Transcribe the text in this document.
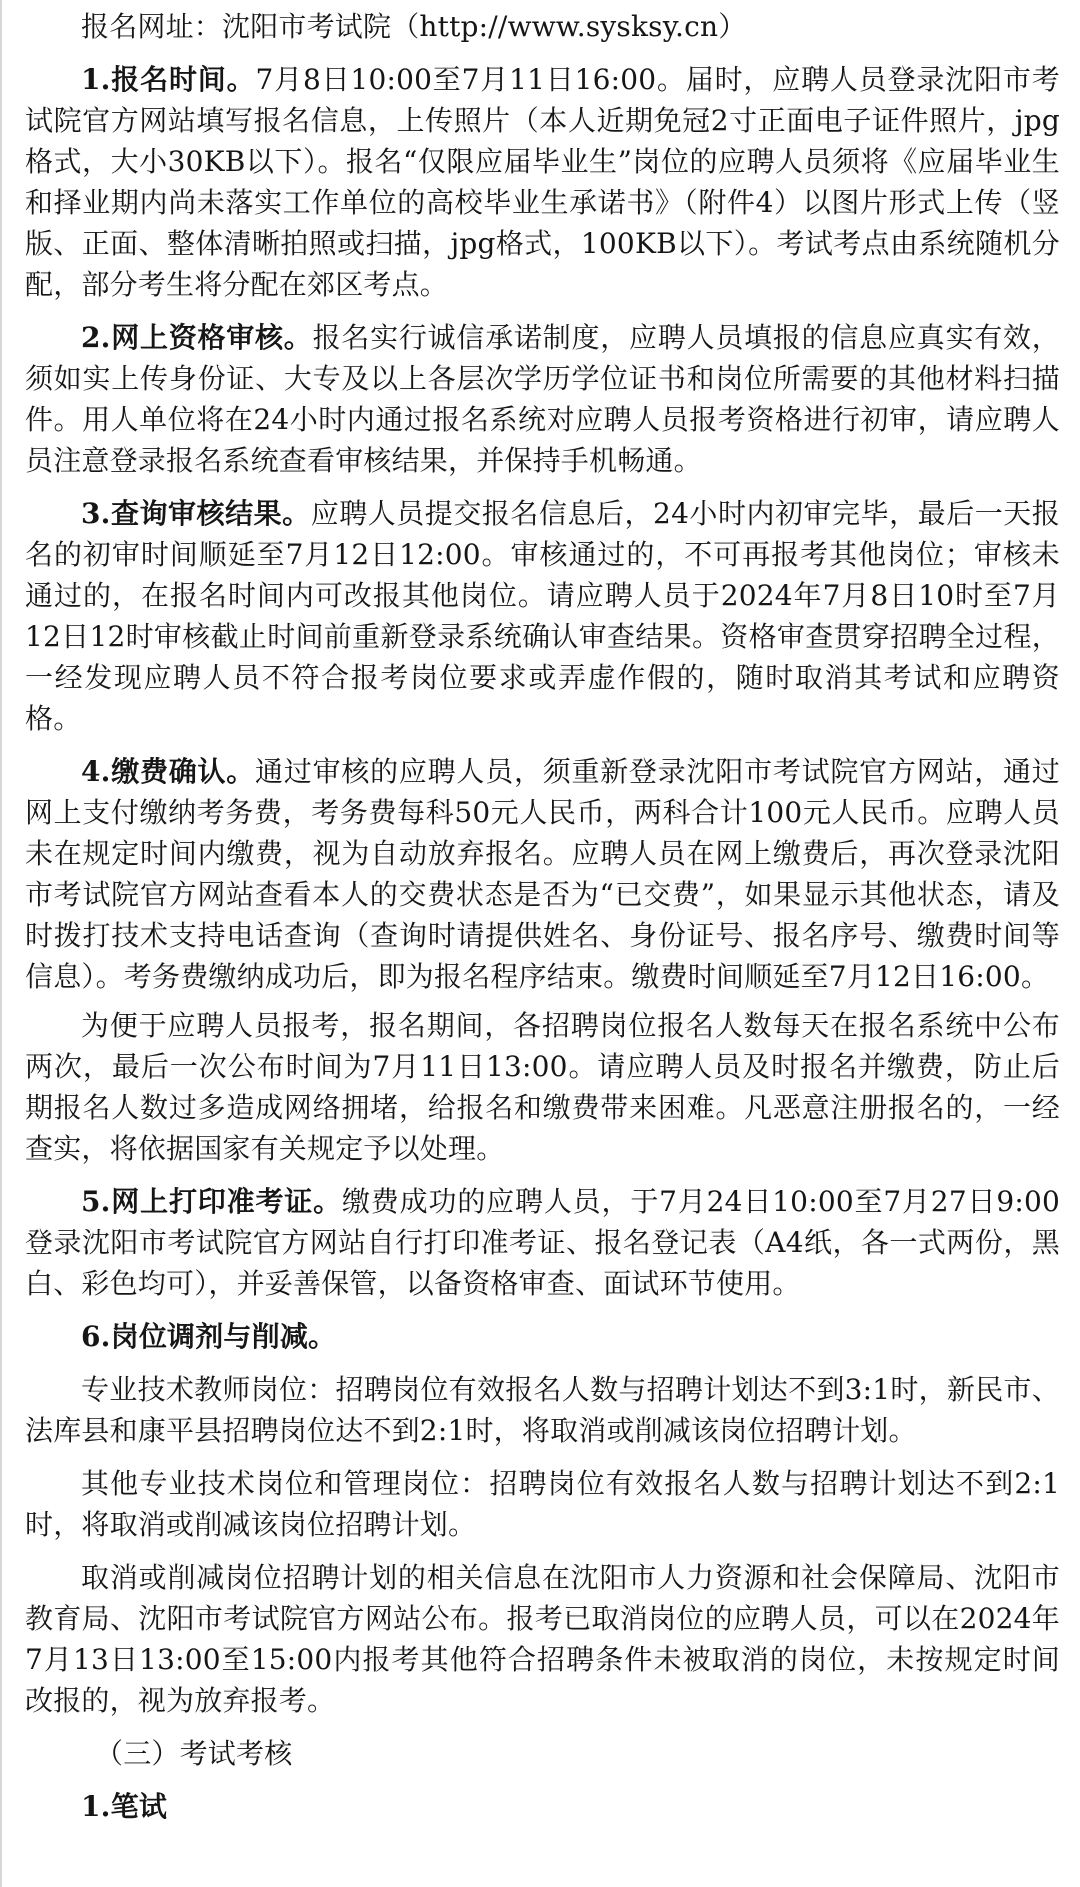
报名网址：沈阳市考试院（http://www.sysksy.cn）

1.报名时间。7月8日10:00至7月11日16:00。届时，应聘人员登录沈阳市考试院官方网站填写报名信息，上传照片（本人近期免冠2寸正面电子证件照片，jpg格式，大小30KB以下）。报名“仅限应届毕业生”岗位的应聘人员须将《应届毕业生和择业期内尚未落实工作单位的高校毕业生承诺书》（附件4）以图片形式上传（竖版、正面、整体清晰拍照或扫描，jpg格式，100KB以下）。考试考点由系统随机分配，部分考生将分配在郊区考点。

2.网上资格审核。报名实行诚信承诺制度，应聘人员填报的信息应真实有效，须如实上传身份证、大专及以上各层次学历学位证书和岗位所需要的其他材料扫描件。用人单位将在24小时内通过报名系统对应聘人员报考资格进行初审，请应聘人员注意登录报名系统查看审核结果，并保持手机畅通。

3.查询审核结果。应聘人员提交报名信息后，24小时内初审完毕，最后一天报名的初审时间顺延至7月12日12:00。审核通过的，不可再报考其他岗位；审核未通过的，在报名时间内可改报其他岗位。请应聘人员于2024年7月8日10时至7月12日12时审核截止时间前重新登录系统确认审查结果。资格审查贯穿招聘全过程，一经发现应聘人员不符合报考岗位要求或弄虚作假的，随时取消其考试和应聘资格。

4.缴费确认。通过审核的应聘人员，须重新登录沈阳市考试院官方网站，通过网上支付缴纳考务费，考务费每科50元人民币，两科合计100元人民币。应聘人员未在规定时间内缴费，视为自动放弃报名。应聘人员在网上缴费后，再次登录沈阳市考试院官方网站查看本人的交费状态是否为“已交费”，如果显示其他状态，请及时拨打技术支持电话查询（查询时请提供姓名、身份证号、报名序号、缴费时间等信息）。考务费缴纳成功后，即为报名程序结束。缴费时间顺延至7月12日16:00。

为便于应聘人员报考，报名期间，各招聘岗位报名人数每天在报名系统中公布两次，最后一次公布时间为7月11日13:00。请应聘人员及时报名并缴费，防止后期报名人数过多造成网络拥堵，给报名和缴费带来困难。凡恶意注册报名的，一经查实，将依据国家有关规定予以处理。

5.网上打印准考证。缴费成功的应聘人员，于7月24日10:00至7月27日9:00登录沈阳市考试院官方网站自行打印准考证、报名登记表（A4纸，各一式两份，黑白、彩色均可），并妥善保管，以备资格审查、面试环节使用。

6.岗位调剂与削减。

专业技术教师岗位：招聘岗位有效报名人数与招聘计划达不到3:1时，新民市、法库县和康平县招聘岗位达不到2:1时，将取消或削减该岗位招聘计划。

其他专业技术岗位和管理岗位：招聘岗位有效报名人数与招聘计划达不到2:1时，将取消或削减该岗位招聘计划。

取消或削减岗位招聘计划的相关信息在沈阳市人力资源和社会保障局、沈阳市教育局、沈阳市考试院官方网站公布。报考已取消岗位的应聘人员，可以在2024年7月13日13:00至15:00内报考其他符合招聘条件未被取消的岗位，未按规定时间改报的，视为放弃报考。

（三）考试考核

1.笔试
